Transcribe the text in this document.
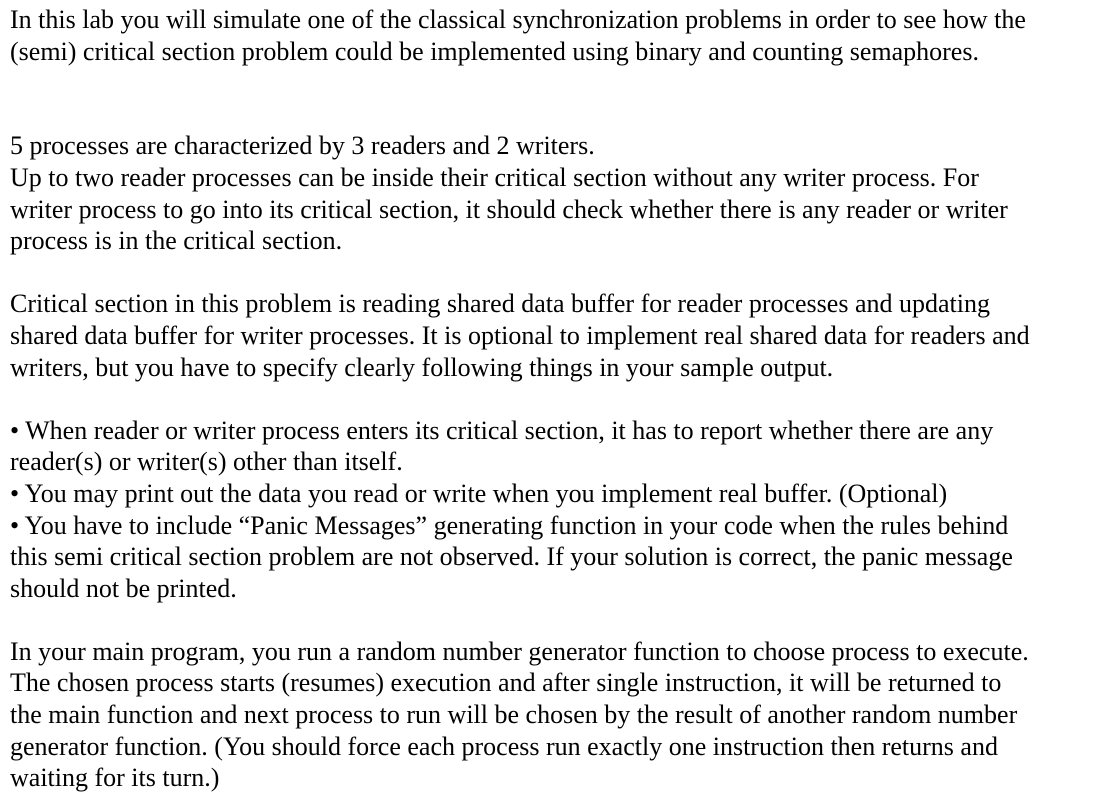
In this lab you will simulate one of the classical synchronization problems in order to see how the
(semi) critical section problem could be implemented using binary and counting semaphores.
5 processes are characterized by 3 readers and 2 writers.
Up to two reader processes can be inside their critical section without any writer process. For
writer process to go into its critical section, it should check whether there is any reader or writer
process is in the critical section.
Critical section in this problem is reading shared data buffer for reader processes and updating
shared data buffer for writer processes. It is optional to implement real shared data for readers and
writers, but you have to specify clearly following things in your sample output.
• When reader or writer process enters its critical section, it has to report whether there are any
reader(s) or writer(s) other than itself.
• You may print out the data you read or write when you implement real buffer. (Optional)
• You have to include “Panic Messages” generating function in your code when the rules behind
this semi critical section problem are not observed. If your solution is correct, the panic message
should not be printed.
In your main program, you run a random number generator function to choose process to execute.
The chosen process starts (resumes) execution and after single instruction, it will be returned to
the main function and next process to run will be chosen by the result of another random number
generator function. (You should force each process run exactly one instruction then returns and
waiting for its turn.)
